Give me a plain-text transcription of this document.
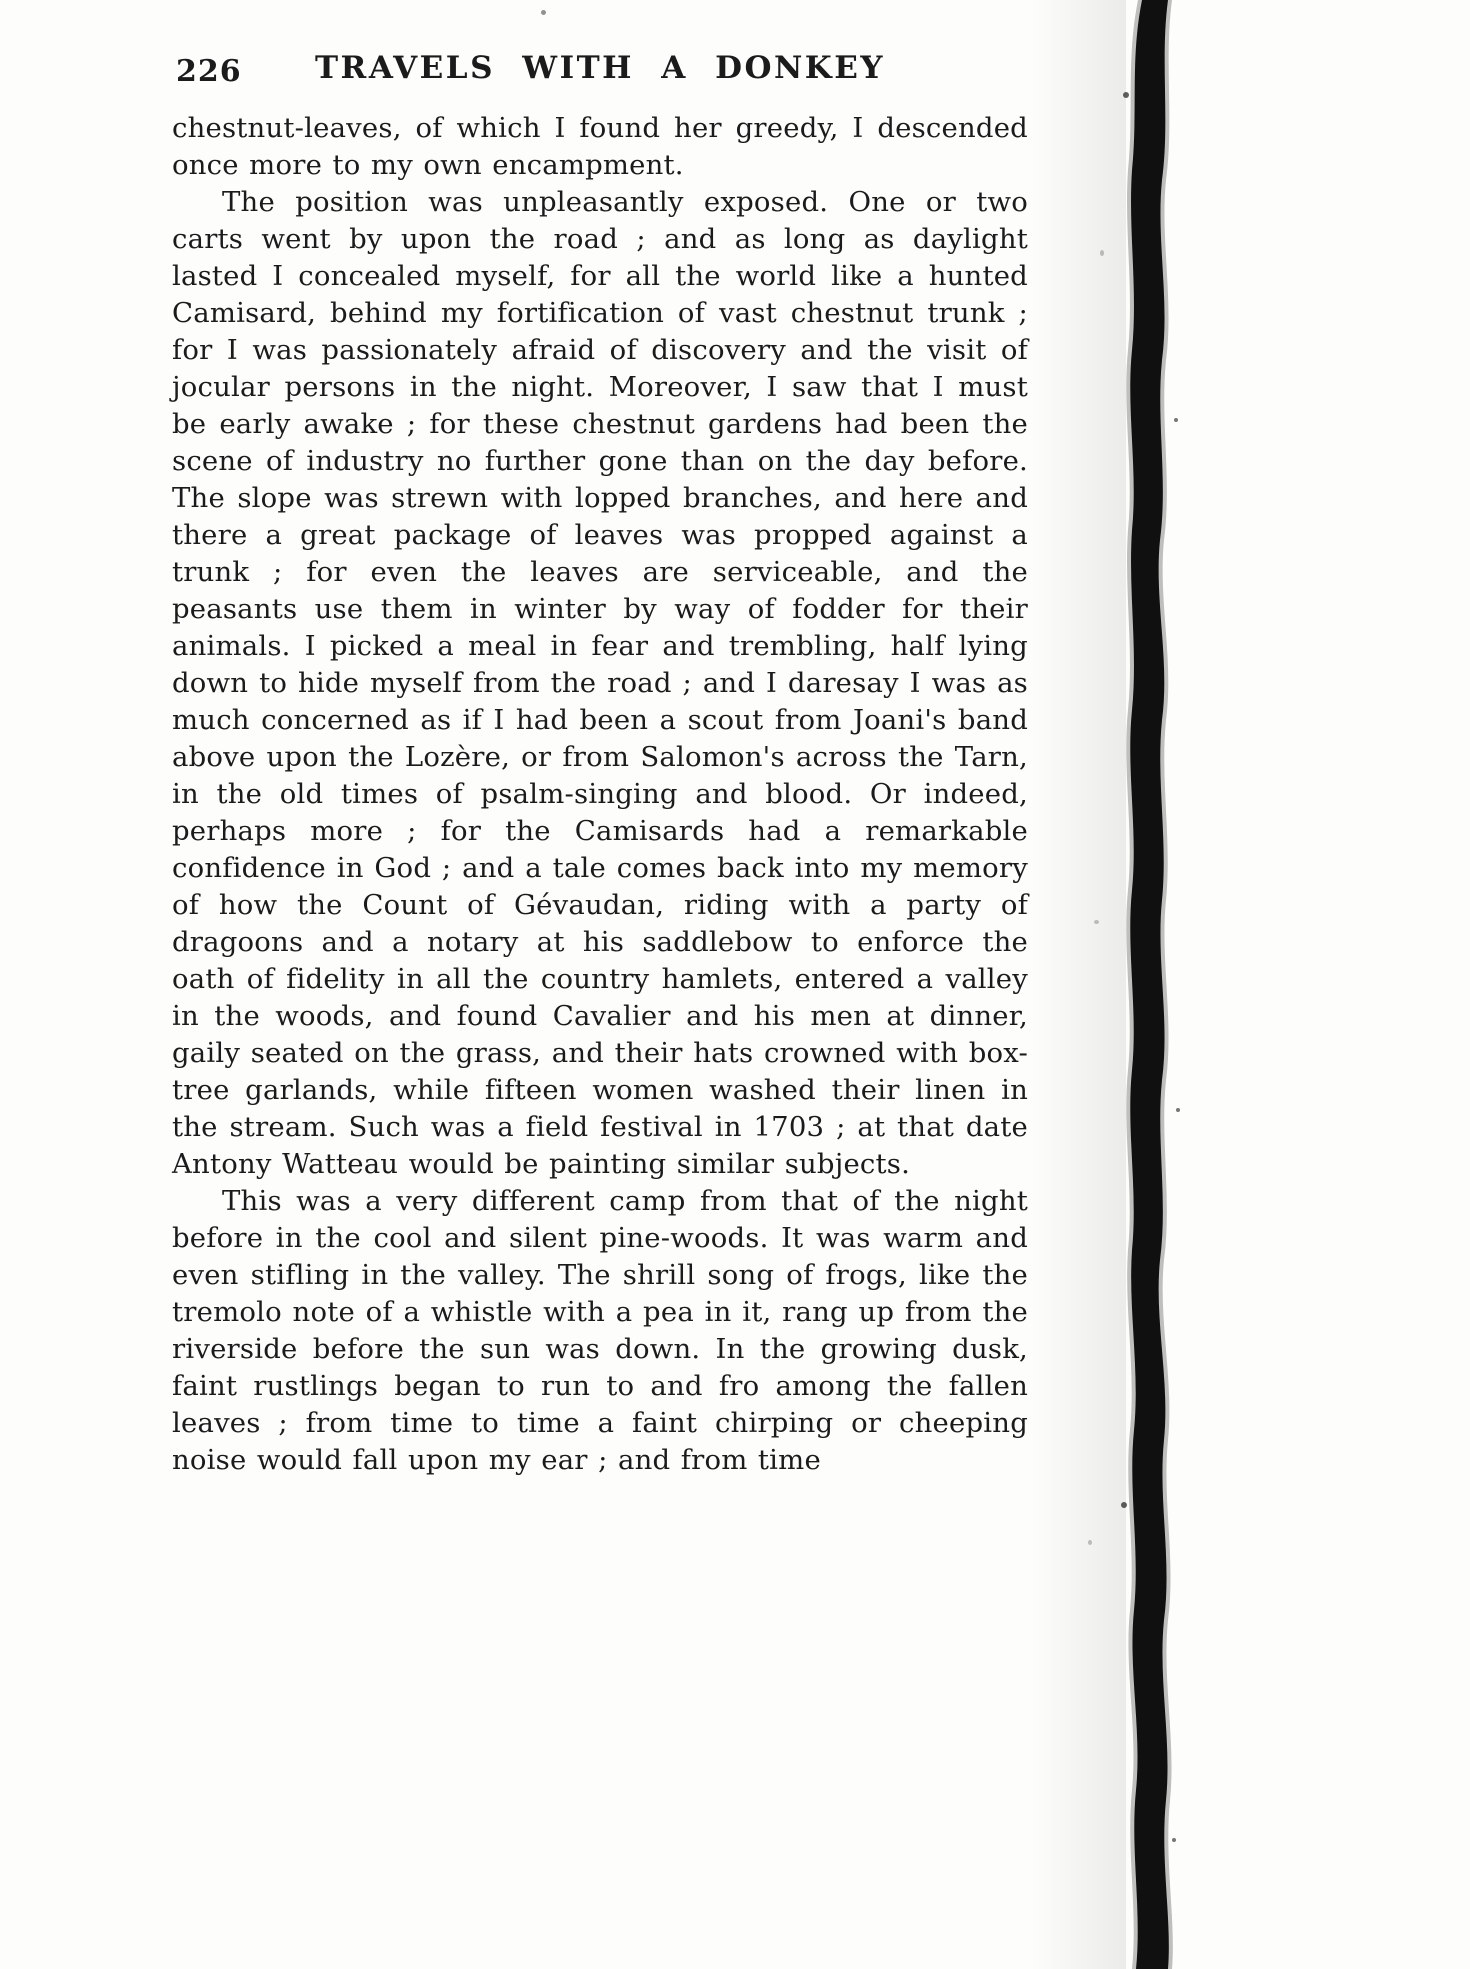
226	TRAVELS WITH A DONKEY

chestnut-leaves, of which I found her greedy, I descended once more to my own encampment.

The position was unpleasantly exposed. One or two carts went by upon the road ; and as long as daylight lasted I concealed myself, for all the world like a hunted Camisard, behind my fortification of vast chestnut trunk ; for I was passionately afraid of discovery and the visit of jocular persons in the night. Moreover, I saw that I must be early awake ; for these chestnut gardens had been the scene of industry no further gone than on the day before. The slope was strewn with lopped branches, and here and there a great package of leaves was propped against a trunk ; for even the leaves are serviceable, and the peasants use them in winter by way of fodder for their animals. I picked a meal in fear and trembling, half lying down to hide myself from the road ; and I daresay I was as much concerned as if I had been a scout from Joani's band above upon the Lozère, or from Salomon's across the Tarn, in the old times of psalm-singing and blood. Or indeed, perhaps more ; for the Camisards had a remarkable confidence in God ; and a tale comes back into my memory of how the Count of Gévaudan, riding with a party of dragoons and a notary at his saddlebow to enforce the oath of fidelity in all the country hamlets, entered a valley in the woods, and found Cavalier and his men at dinner, gaily seated on the grass, and their hats crowned with box-tree garlands, while fifteen women washed their linen in the stream. Such was a field festival in 1703 ; at that date Antony Watteau would be painting similar subjects.

This was a very different camp from that of the night before in the cool and silent pine-woods. It was warm and even stifling in the valley. The shrill song of frogs, like the tremolo note of a whistle with a pea in it, rang up from the riverside before the sun was down. In the growing dusk, faint rustlings began to run to and fro among the fallen leaves ; from time to time a faint chirping or cheeping noise would fall upon my ear ; and from time
